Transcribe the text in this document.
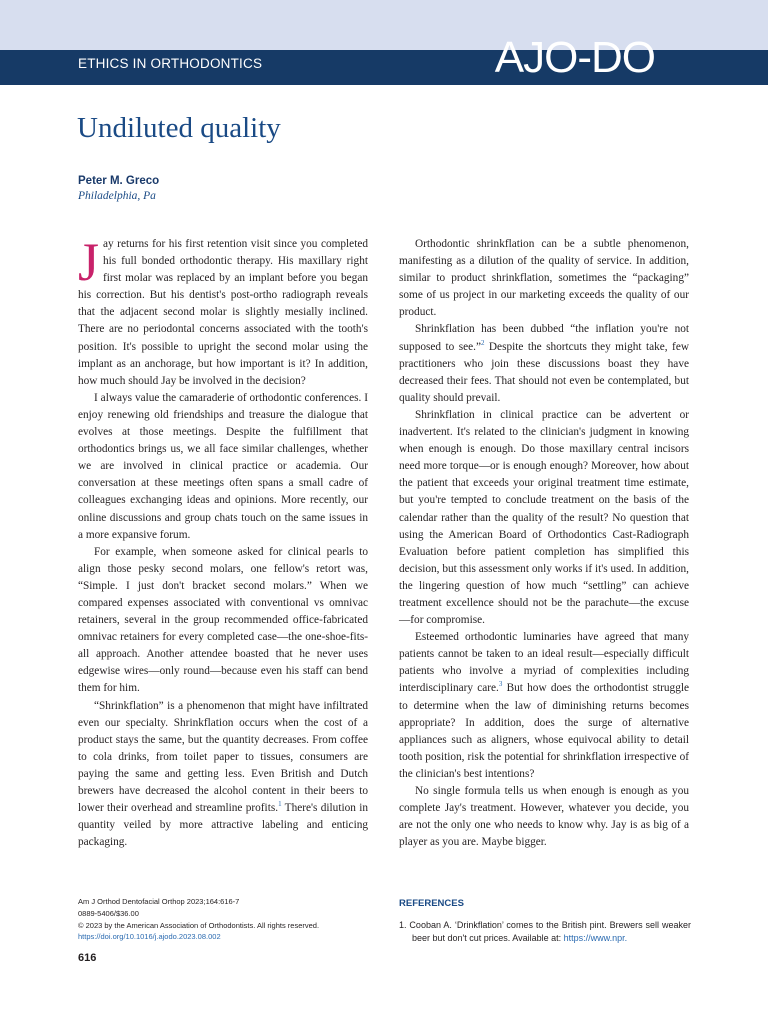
ETHICS IN ORTHODONTICS	AJO-DO
Undiluted quality
Peter M. Greco
Philadelphia, Pa

Jay returns for his first retention visit since you completed his full bonded orthodontic therapy. His maxillary right first molar was replaced by an implant before you began his correction. But his dentist's post-ortho radiograph reveals that the adjacent second molar is slightly mesially inclined. There are no periodontal concerns associated with the tooth's position. It's possible to upright the second molar using the implant as an anchorage, but how important is it? In addition, how much should Jay be involved in the decision?

I always value the camaraderie of orthodontic conferences. I enjoy renewing old friendships and treasure the dialogue that evolves at those meetings. Despite the fulfillment that orthodontics brings us, we all face similar challenges, whether we are involved in clinical practice or academia. Our conversation at these meetings often spans a small cadre of colleagues exchanging ideas and opinions. More recently, our online discussions and group chats touch on the same issues in a more expansive forum.

For example, when someone asked for clinical pearls to align those pesky second molars, one fellow's retort was, “Simple. I just don't bracket second molars.” When we compared expenses associated with conventional vs omnivac retainers, several in the group recommended office-fabricated omnivac retainers for every completed case—the one-shoe-fits-all approach. Another attendee boasted that he never uses edgewise wires—only round—because even his staff can bend them for him.

“Shrinkflation” is a phenomenon that might have infiltrated even our specialty. Shrinkflation occurs when the cost of a product stays the same, but the quantity decreases. From coffee to cola drinks, from toilet paper to tissues, consumers are paying the same and getting less. Even British and Dutch brewers have decreased the alcohol content in their beers to lower their overhead and streamline profits.$^1$ There's dilution in quantity veiled by more attractive labeling and enticing packaging.

Orthodontic shrinkflation can be a subtle phenomenon, manifesting as a dilution of the quality of service. In addition, similar to product shrinkflation, sometimes the “packaging” some of us project in our marketing exceeds the quality of our product.

Shrinkflation has been dubbed “the inflation you're not supposed to see.”$^2$ Despite the shortcuts they might take, few practitioners who join these discussions boast they have decreased their fees. That should not even be contemplated, but quality should prevail.

Shrinkflation in clinical practice can be advertent or inadvertent. It's related to the clinician's judgment in knowing when enough is enough. Do those maxillary central incisors need more torque—or is enough enough? Moreover, how about the patient that exceeds your original treatment time estimate, but you're tempted to conclude treatment on the basis of the calendar rather than the quality of the result? No question that using the American Board of Orthodontics Cast-Radiograph Evaluation before patient completion has simplified this decision, but this assessment only works if it's used. In addition, the lingering question of how much “settling” can achieve treatment excellence should not be the parachute—the excuse—for compromise.

Esteemed orthodontic luminaries have agreed that many patients cannot be taken to an ideal result—especially difficult patients who involve a myriad of complexities including interdisciplinary care.$^3$ But how does the orthodontist struggle to determine when the law of diminishing returns becomes appropriate? In addition, does the surge of alternative appliances such as aligners, whose equivocal ability to detail tooth position, risk the potential for shrinkflation irrespective of the clinician's best intentions?

No single formula tells us when enough is enough as you complete Jay's treatment. However, whatever you decide, you are not the only one who needs to know why. Jay is as big of a player as you are. Maybe bigger.

Am J Orthod Dentofacial Orthop 2023;164:616-7
0889-5406/$36.00
© 2023 by the American Association of Orthodontists. All rights reserved.
https://doi.org/10.1016/j.ajodo.2023.08.002
616
REFERENCES
1. Cooban A. ‘Drinkflation’ comes to the British pint. Brewers sell weaker beer but don't cut prices. Available at: https://www.npr.
